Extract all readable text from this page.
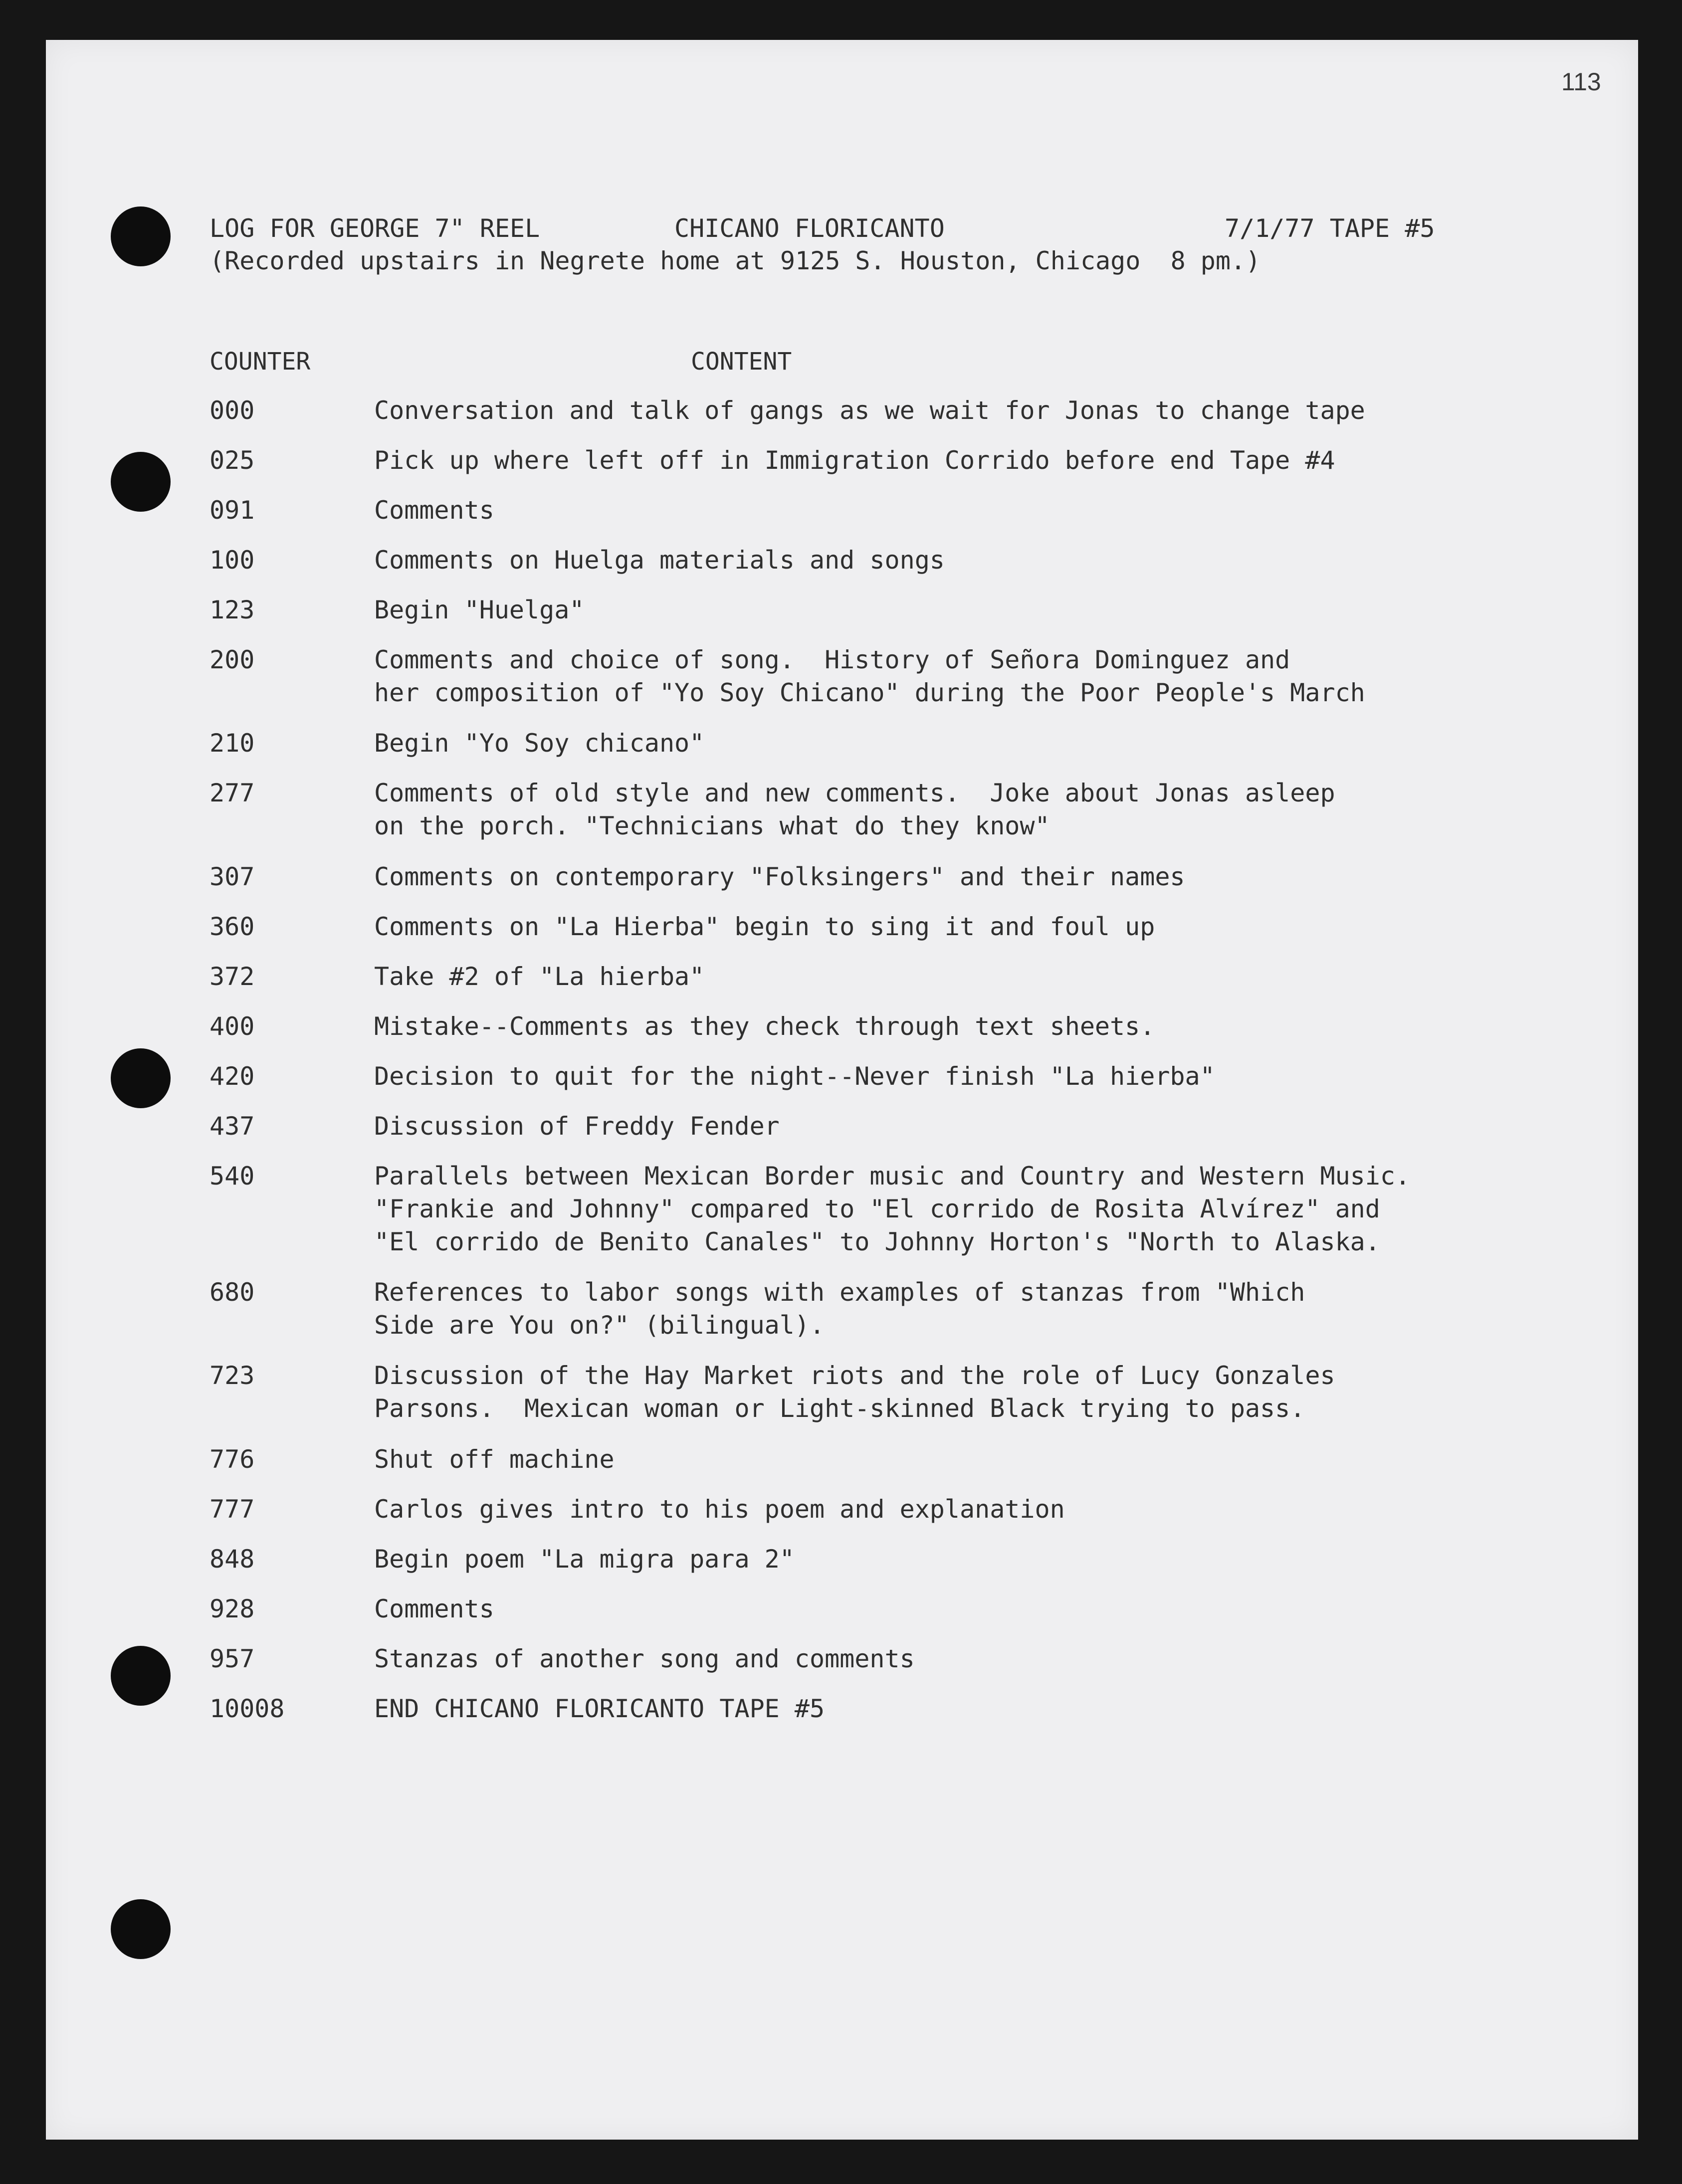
113
LOG FOR GEORGE 7" REEL	CHICANO FLORICANTO	7/1/77 TAPE #5
(Recorded upstairs in Negrete home at 9125 S. Houston, Chicago  8 pm.)
COUNTER	CONTENT
000	Conversation and talk of gangs as we wait for Jonas to change tape
025	Pick up where left off in Immigration Corrido before end Tape #4
091	Comments
100	Comments on Huelga materials and songs
123	Begin "Huelga"
200	Comments and choice of song.  History of Señora Dominguez and
her composition of "Yo Soy Chicano" during the Poor People's March
210	Begin "Yo Soy chicano"
277	Comments of old style and new comments.  Joke about Jonas asleep
on the porch. "Technicians what do they know"
307	Comments on contemporary "Folksingers" and their names
360	Comments on "La Hierba" begin to sing it and foul up
372	Take #2 of "La hierba"
400	Mistake--Comments as they check through text sheets.
420	Decision to quit for the night--Never finish "La hierba"
437	Discussion of Freddy Fender
540	Parallels between Mexican Border music and Country and Western Music.
"Frankie and Johnny" compared to "El corrido de Rosita Alvírez" and
"El corrido de Benito Canales" to Johnny Horton's "North to Alaska.
680	References to labor songs with examples of stanzas from "Which
Side are You on?" (bilingual).
723	Discussion of the Hay Market riots and the role of Lucy Gonzales
Parsons.  Mexican woman or Light-skinned Black trying to pass.
776	Shut off machine
777	Carlos gives intro to his poem and explanation
848	Begin poem "La migra para 2"
928	Comments
957	Stanzas of another song and comments
10008	END CHICANO FLORICANTO TAPE #5
